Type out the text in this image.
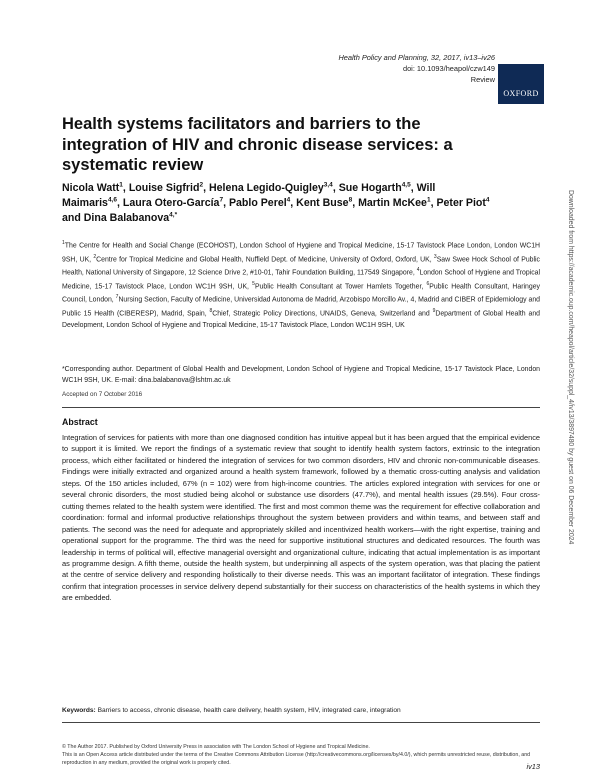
Health Policy and Planning, 32, 2017, iv13–iv26
doi: 10.1093/heapol/czw149
Review
OXFORD
Health systems facilitators and barriers to the integration of HIV and chronic disease services: a systematic review

Nicola Watt$^1$, Louise Sigfrid$^2$, Helena Legido-Quigley$^{3,4}$, Sue Hogarth$^{4,5}$, Will Maimaris$^{4,6}$, Laura Otero-García$^7$, Pablo Perel$^4$, Kent Buse$^8$, Martin McKee$^1$, Peter Piot$^4$ and Dina Balabanova$^{4,*}$

$^1$The Centre for Health and Social Change (ECOHOST), London School of Hygiene and Tropical Medicine, 15-17 Tavistock Place London, London WC1H 9SH, UK, $^2$Centre for Tropical Medicine and Global Health, Nuffield Dept. of Medicine, University of Oxford, Oxford, UK, $^3$Saw Swee Hock School of Public Health, National University of Singapore, 12 Science Drive 2, #10-01, Tahir Foundation Building, 117549 Singapore, $^4$London School of Hygiene and Tropical Medicine, 15-17 Tavistock Place, London WC1H 9SH, UK, $^5$Public Health Consultant at Tower Hamlets Together, $^6$Public Health Consultant, Haringey Council, London, $^7$Nursing Section, Faculty of Medicine, Universidad Autonoma de Madrid, Arzobispo Morcillo Av., 4, Madrid and CIBER of Epidemiology and Public 15 Health (CIBERESP), Madrid, Spain, $^8$Chief, Strategic Policy Directions, UNAIDS, Geneva, Switzerland and $^9$Department of Global Health and Development, London School of Hygiene and Tropical Medicine, 15-17 Tavistock Place, London WC1H 9SH, UK

*Corresponding author. Department of Global Health and Development, London School of Hygiene and Tropical Medicine, 15-17 Tavistock Place, London WC1H 9SH, UK. E-mail: dina.balabanova@lshtm.ac.uk

Accepted on 7 October 2016

Abstract

Integration of services for patients with more than one diagnosed condition has intuitive appeal but it has been argued that the empirical evidence to support it is limited. We report the findings of a systematic review that sought to identify health system factors, extrinsic to the integration process, which either facilitated or hindered the integration of services for two common disorders, HIV and chronic non-communicable diseases. Findings were initially extracted and organized around a health system framework, followed by a thematic cross-cutting analysis and validation steps. Of the 150 articles included, 67% (n = 102) were from high-income countries. The articles explored integration with services for one or several chronic disorders, the most studied being alcohol or substance use disorders (47.7%), and mental health issues (29.5%). Four cross-cutting themes related to the health system were identified. The first and most common theme was the requirement for effective collaboration and coordination: formal and informal productive relationships throughout the system between providers and within teams, and between staff and patients. The second was the need for adequate and appropriately skilled and incentivized health workers—with the right expertise, training and operational support for the programme. The third was the need for supportive institutional structures and dedicated resources. The fourth was leadership in terms of political will, effective managerial oversight and organizational culture, indicating that actual implementation is as important as programme design. A fifth theme, outside the health system, but underpinning all aspects of the system operation, was that placing the patient at the centre of service delivery and responding holistically to their diverse needs. This was an important facilitator of integration. These findings confirm that integration processes in service delivery depend substantially for their success on characteristics of the health systems in which they are embedded.

Keywords: Barriers to access, chronic disease, health care delivery, health system, HIV, integrated care, integration

© The Author 2017. Published by Oxford University Press in association with The London School of Hygiene and Tropical Medicine.
This is an Open Access article distributed under the terms of the Creative Commons Attribution License (http://creativecommons.org/licenses/by/4.0/), which permits unrestricted reuse, distribution, and reproduction in any medium, provided the original work is properly cited.	iv13
Downloaded from https://academic.oup.com/heapol/article/32/suppl_4/iv13/3897480 by guest on 06 December 2024
